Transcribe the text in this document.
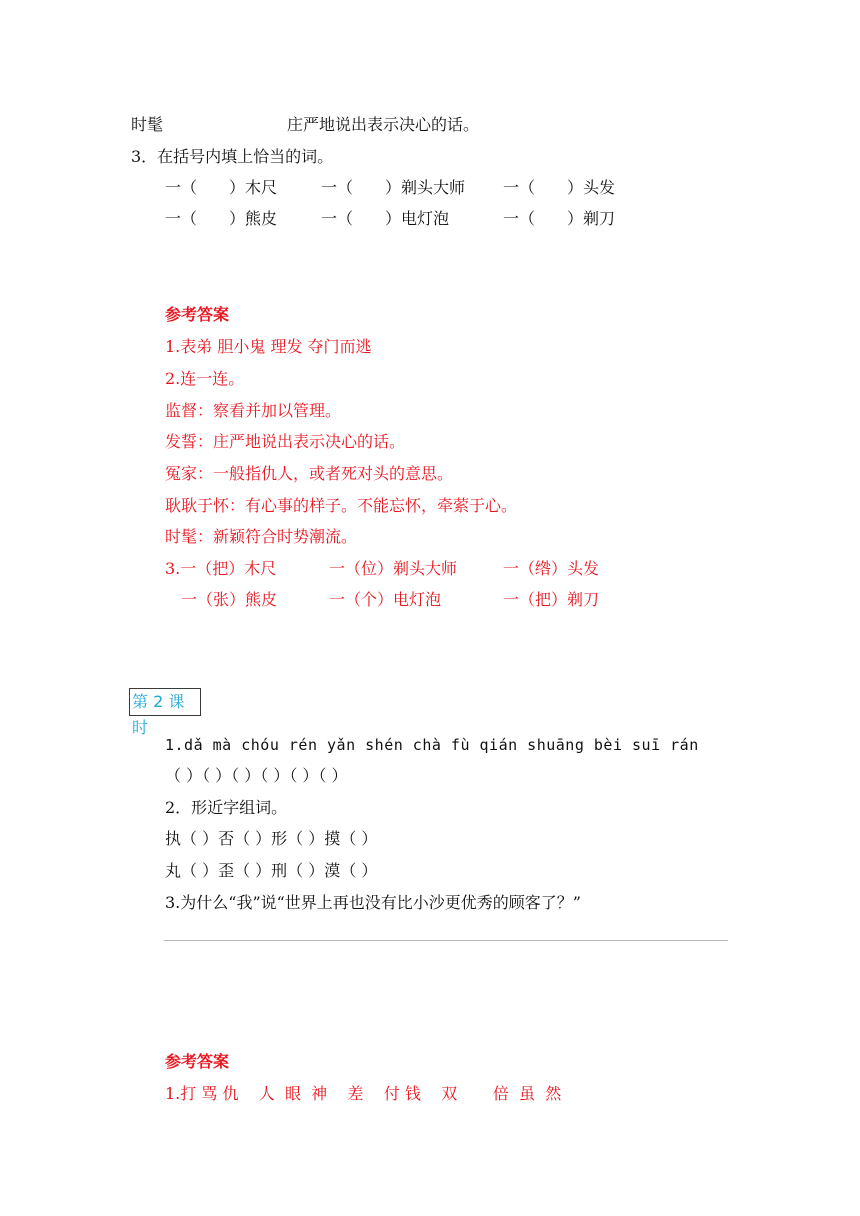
时髦	庄严地说出表示决心的话。
3．在括号内填上恰当的词。
一（　　）木尺	一（　　）剃头大师 一（　　）头发
一（　　）熊皮	一（　　）电灯泡	一（　　）剃刀
参考答案
1.表弟 胆小鬼 理发 夺门而逃
2.连一连。
监督：察看并加以管理。
发誓：庄严地说出表示决心的话。
冤家：一般指仇人，或者死对头的意思。
耿耿于怀：有心事的样子。不能忘怀，牵萦于心。
时髦：新颖符合时势潮流。
3.一（把）木尺	一（位）剃头大师	一（绺）头发
一（张）熊皮	一（个）电灯泡	一（把）剃刀
第 2 课时
1.dǎ mà chóu rén yǎn shén chà fù qián shuāng bèi suī rán
（ ）（ ）（ ）（ ）（ ）（ ）
2．形近字组词。
执（ ）否（ ）形（ ）摸（ ）
丸（ ）歪（ ）刑（ ）漠（ ）
3.为什么“我”说“世界上再也没有比小沙更优秀的顾客了？”
参考答案
1.打 骂 仇    人  眼  神    差    付 钱    双       倍  虽  然
